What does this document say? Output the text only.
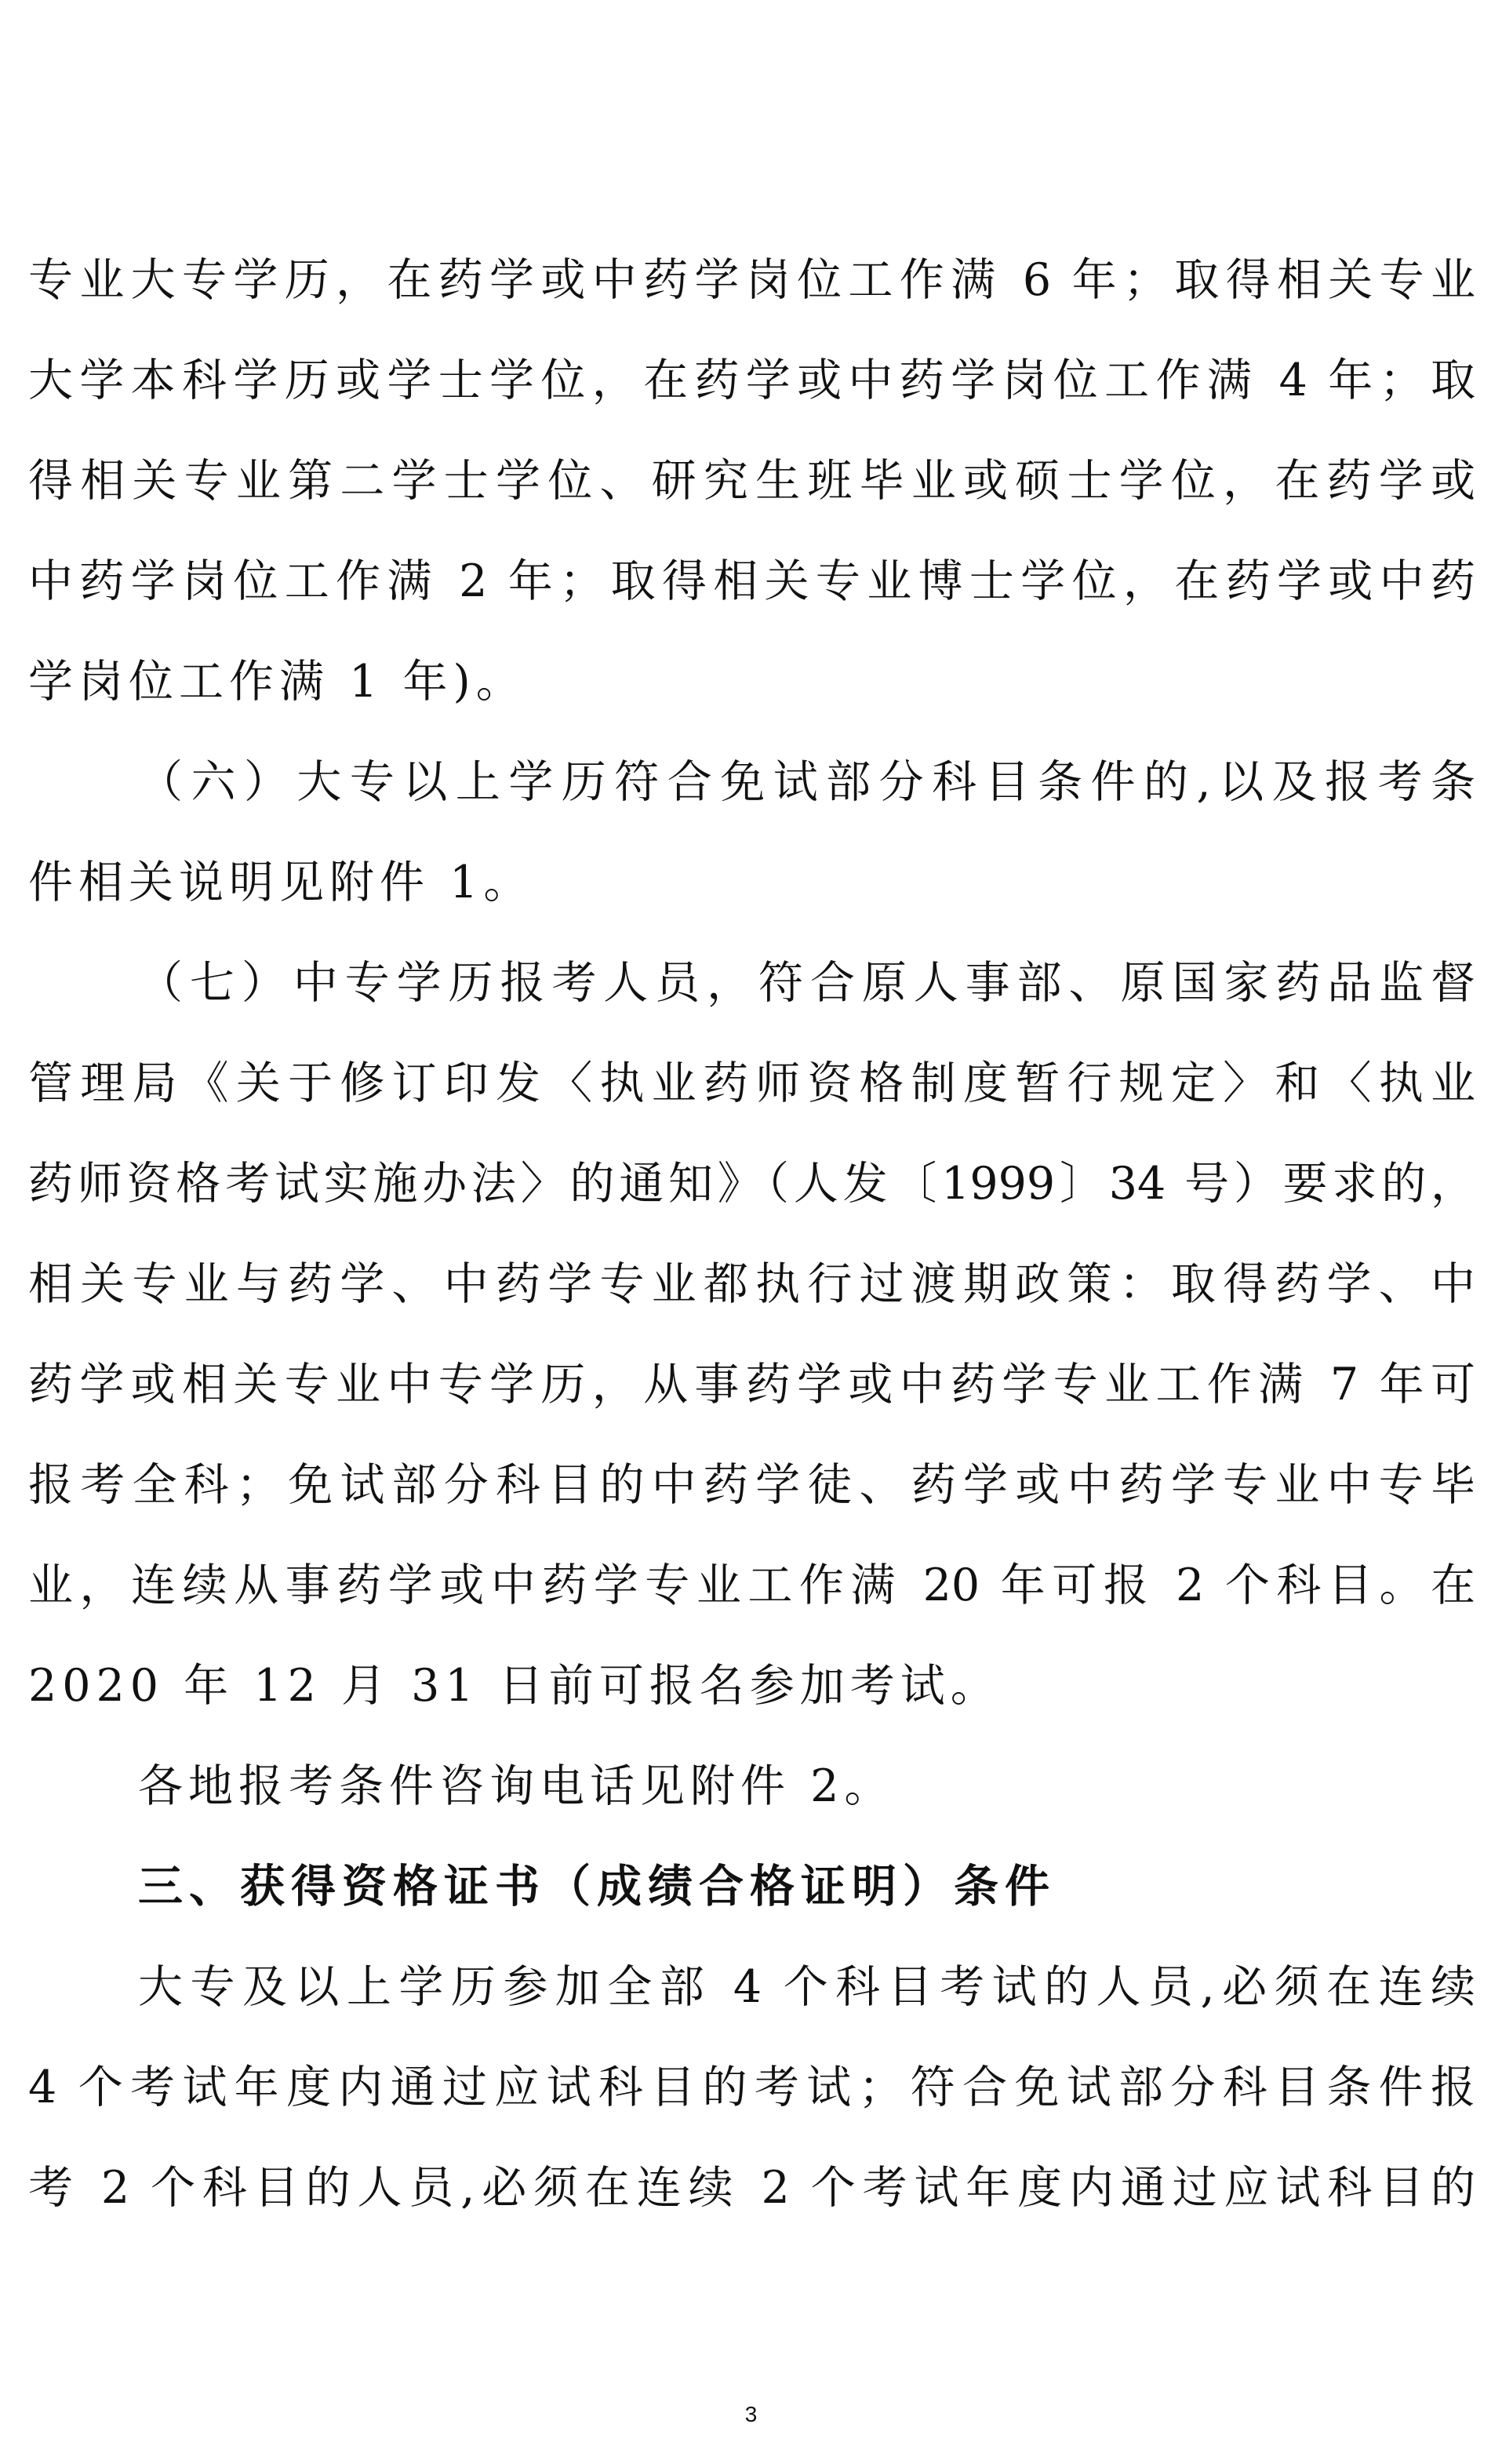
专业大专学历，在药学或中药学岗位工作满 6 年；取得相关专业
大学本科学历或学士学位，在药学或中药学岗位工作满 4 年；取
得相关专业第二学士学位、研究生班毕业或硕士学位，在药学或
中药学岗位工作满 2 年；取得相关专业博士学位，在药学或中药
学岗位工作满 1 年)。
（六）大专以上学历符合免试部分科目条件的,以及报考条
件相关说明见附件 1。
（七）中专学历报考人员，符合原人事部、原国家药品监督
管理局《关于修订印发〈执业药师资格制度暂行规定〉和〈执业
药师资格考试实施办法〉的通知》（人发〔1999〕34 号）要求的，
相关专业与药学、中药学专业都执行过渡期政策：取得药学、中
药学或相关专业中专学历，从事药学或中药学专业工作满 7 年可
报考全科；免试部分科目的中药学徒、药学或中药学专业中专毕
业，连续从事药学或中药学专业工作满 20 年可报 2 个科目。在
2020 年 12 月 31 日前可报名参加考试。
各地报考条件咨询电话见附件 2。
三、获得资格证书（成绩合格证明）条件
大专及以上学历参加全部 4 个科目考试的人员,必须在连续
4 个考试年度内通过应试科目的考试；符合免试部分科目条件报
考 2 个科目的人员,必须在连续 2 个考试年度内通过应试科目的
3
